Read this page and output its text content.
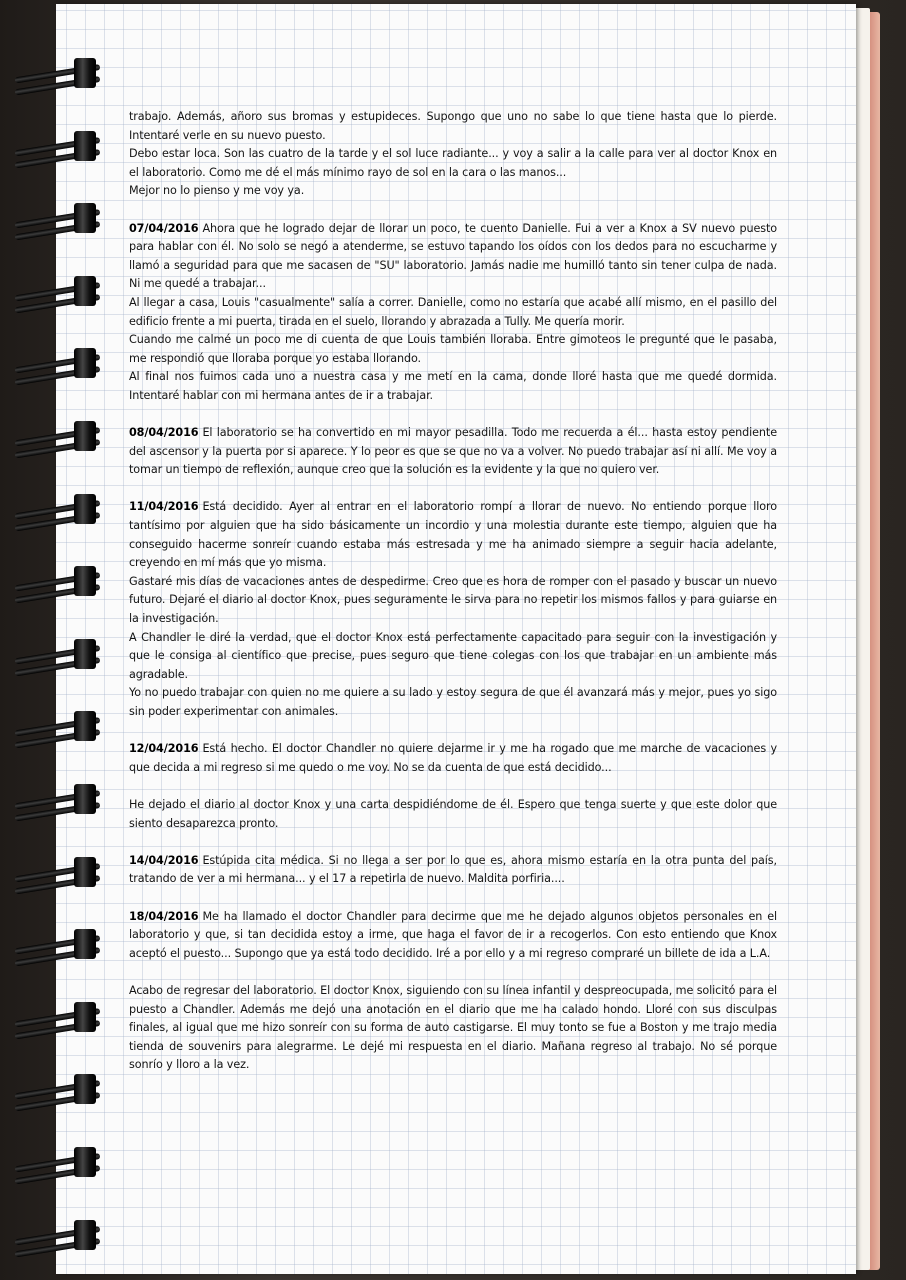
trabajo. Además, añoro sus bromas y estupideces. Supongo que uno no sabe lo que tiene hasta que lo pierde. Intentaré verle en su nuevo puesto.
Debo estar loca. Son las cuatro de la tarde y el sol luce radiante... y voy a salir a la calle para ver al doctor Knox en el laboratorio. Como me dé el más mínimo rayo de sol en la cara o las manos...
Mejor no lo pienso y me voy ya.

07/04/2016 Ahora que he logrado dejar de llorar un poco, te cuento Danielle. Fui a ver a Knox a SV nuevo puesto para hablar con él. No solo se negó a atenderme, se estuvo tapando los oídos con los dedos para no escucharme y llamó a seguridad para que me sacasen de "SU" laboratorio. Jamás nadie me humilló tanto sin tener culpa de nada. Ni me quedé a trabajar...
Al llegar a casa, Louis "casualmente" salía a correr. Danielle, como no estaría que acabé allí mismo, en el pasillo del edificio frente a mi puerta, tirada en el suelo, llorando y abrazada a Tully. Me quería morir.
Cuando me calmé un poco me di cuenta de que Louis también lloraba. Entre gimoteos le pregunté que le pasaba, me respondió que lloraba porque yo estaba llorando.
Al final nos fuimos cada uno a nuestra casa y me metí en la cama, donde lloré hasta que me quedé dormida. Intentaré hablar con mi hermana antes de ir a trabajar.

08/04/2016 El laboratorio se ha convertido en mi mayor pesadilla. Todo me recuerda a él... hasta estoy pendiente del ascensor y la puerta por si aparece. Y lo peor es que se que no va a volver. No puedo trabajar así ni allí. Me voy a tomar un tiempo de reflexión, aunque creo que la solución es la evidente y la que no quiero ver.

11/04/2016 Está decidido. Ayer al entrar en el laboratorio rompí a llorar de nuevo. No entiendo porque lloro tantísimo por alguien que ha sido básicamente un incordio y una molestia durante este tiempo, alguien que ha conseguido hacerme sonreír cuando estaba más estresada y me ha animado siempre a seguir hacia adelante, creyendo en mí más que yo misma.
Gastaré mis días de vacaciones antes de despedirme. Creo que es hora de romper con el pasado y buscar un nuevo futuro. Dejaré el diario al doctor Knox, pues seguramente le sirva para no repetir los mismos fallos y para guiarse en la investigación.
A Chandler le diré la verdad, que el doctor Knox está perfectamente capacitado para seguir con la investigación y que le consiga al científico que precise, pues seguro que tiene colegas con los que trabajar en un ambiente más agradable.
Yo no puedo trabajar con quien no me quiere a su lado y estoy segura de que él avanzará más y mejor, pues yo sigo sin poder experimentar con animales.

12/04/2016 Está hecho. El doctor Chandler no quiere dejarme ir y me ha rogado que me marche de vacaciones y que decida a mi regreso si me quedo o me voy. No se da cuenta de que está decidido...

He dejado el diario al doctor Knox y una carta despidiéndome de él. Espero que tenga suerte y que este dolor que siento desaparezca pronto.

14/04/2016 Estúpida cita médica. Si no llega a ser por lo que es, ahora mismo estaría en la otra punta del país, tratando de ver a mi hermana... y el 17 a repetirla de nuevo. Maldita porfiria....

18/04/2016 Me ha llamado el doctor Chandler para decirme que me he dejado algunos objetos personales en el laboratorio y que, si tan decidida estoy a irme, que haga el favor de ir a recogerlos. Con esto entiendo que Knox aceptó el puesto... Supongo que ya está todo decidido. Iré a por ello y a mi regreso compraré un billete de ida a L.A.

Acabo de regresar del laboratorio. El doctor Knox, siguiendo con su línea infantil y despreocupada, me solicitó para el puesto a Chandler. Además me dejó una anotación en el diario que me ha calado hondo. Lloré con sus disculpas finales, al igual que me hizo sonreír con su forma de auto castigarse. El muy tonto se fue a Boston y me trajo media tienda de souvenirs para alegrarme. Le dejé mi respuesta en el diario. Mañana regreso al trabajo. No sé porque sonrío y lloro a la vez.
